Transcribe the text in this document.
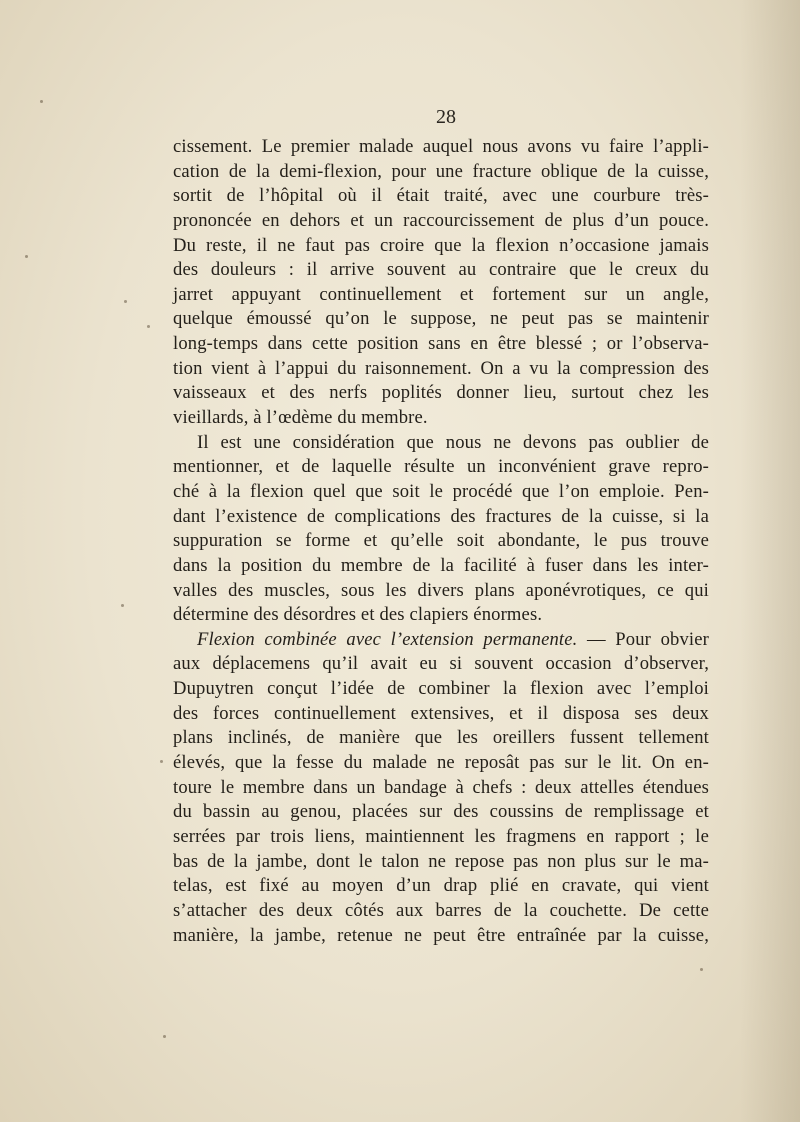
28
cissement. Le premier malade auquel nous avons vu faire l’appli-
cation de la demi-flexion, pour une fracture oblique de la cuisse,
sortit de l’hôpital où il était traité, avec une courbure très-
prononcée en dehors et un raccourcissement de plus d’un pouce.
Du reste, il ne faut pas croire que la flexion n’occasione jamais
des douleurs : il arrive souvent au contraire que le creux du
jarret appuyant continuellement et fortement sur un angle,
quelque émoussé qu’on le suppose, ne peut pas se maintenir
long-temps dans cette position sans en être blessé ; or l’observa-
tion vient à l’appui du raisonnement. On a vu la compression des
vaisseaux et des nerfs poplités donner lieu, surtout chez les
vieillards, à l’œdème du membre.
Il est une considération que nous ne devons pas oublier de
mentionner, et de laquelle résulte un inconvénient grave repro-
ché à la flexion quel que soit le procédé que l’on emploie. Pen-
dant l’existence de complications des fractures de la cuisse, si la
suppuration se forme et qu’elle soit abondante, le pus trouve
dans la position du membre de la facilité à fuser dans les inter-
valles des muscles, sous les divers plans aponévrotiques, ce qui
détermine des désordres et des clapiers énormes.
Flexion combinée avec l’extension permanente. — Pour obvier
aux déplacemens qu’il avait eu si souvent occasion d’observer,
Dupuytren conçut l’idée de combiner la flexion avec l’emploi
des forces continuellement extensives, et il disposa ses deux
plans inclinés, de manière que les oreillers fussent tellement
élevés, que la fesse du malade ne reposât pas sur le lit. On en-
toure le membre dans un bandage à chefs : deux attelles étendues
du bassin au genou, placées sur des coussins de remplissage et
serrées par trois liens, maintiennent les fragmens en rapport ; le
bas de la jambe, dont le talon ne repose pas non plus sur le ma-
telas, est fixé au moyen d’un drap plié en cravate, qui vient
s’attacher des deux côtés aux barres de la couchette. De cette
manière, la jambe, retenue ne peut être entraînée par la cuisse,
